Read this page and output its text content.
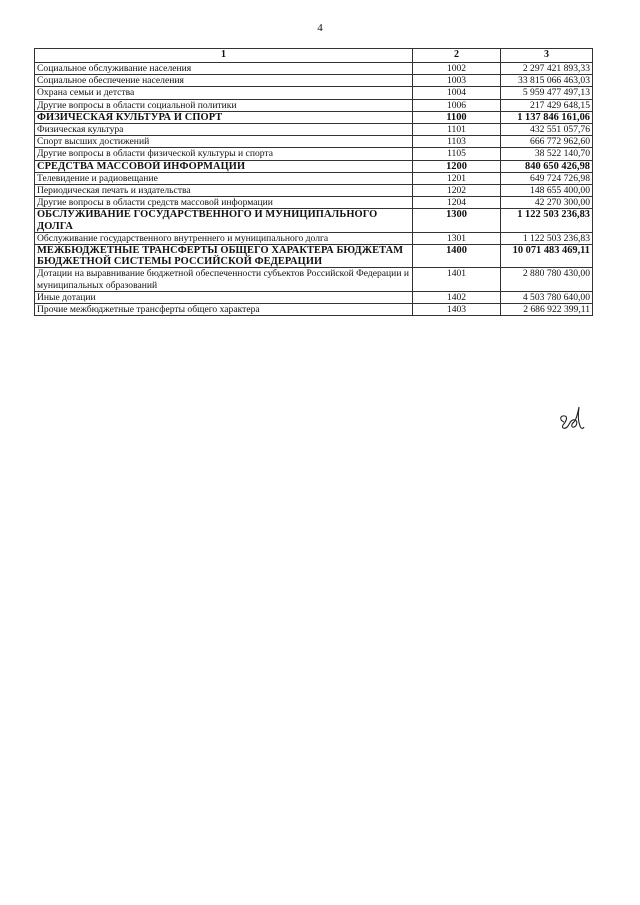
4
1	2	3
Социальное обслуживание населения	1002	2 297 421 893,33
Социальное обеспечение населения	1003	33 815 066 463,03
Охрана семьи и детства	1004	5 959 477 497,13
Другие вопросы в области социальной политики	1006	217 429 648,15
ФИЗИЧЕСКАЯ КУЛЬТУРА И СПОРТ	1100	1 137 846 161,06
Физическая культура	1101	432 551 057,76
Спорт высших достижений	1103	666 772 962,60
Другие вопросы в области физической культуры и спорта	1105	38 522 140,70
СРЕДСТВА МАССОВОЙ ИНФОРМАЦИИ	1200	840 650 426,98
Телевидение и радиовещание	1201	649 724 726,98
Периодическая печать и издательства	1202	148 655 400,00
Другие вопросы в области средств массовой информации	1204	42 270 300,00
ОБСЛУЖИВАНИЕ ГОСУДАРСТВЕННОГО И МУНИЦИПАЛЬНОГО ДОЛГА	1300	1 122 503 236,83
Обслуживание государственного внутреннего и муниципального долга	1301	1 122 503 236,83
МЕЖБЮДЖЕТНЫЕ ТРАНСФЕРТЫ ОБЩЕГО ХАРАКТЕРА БЮДЖЕТАМ БЮДЖЕТНОЙ СИСТЕМЫ РОССИЙСКОЙ ФЕДЕРАЦИИ	1400	10 071 483 469,11
Дотации на выравнивание бюджетной обеспеченности субъектов Российской Федерации и муниципальных образований	1401	2 880 780 430,00
Иные дотации	1402	4 503 780 640,00
Прочие межбюджетные трансферты общего характера	1403	2 686 922 399,11
